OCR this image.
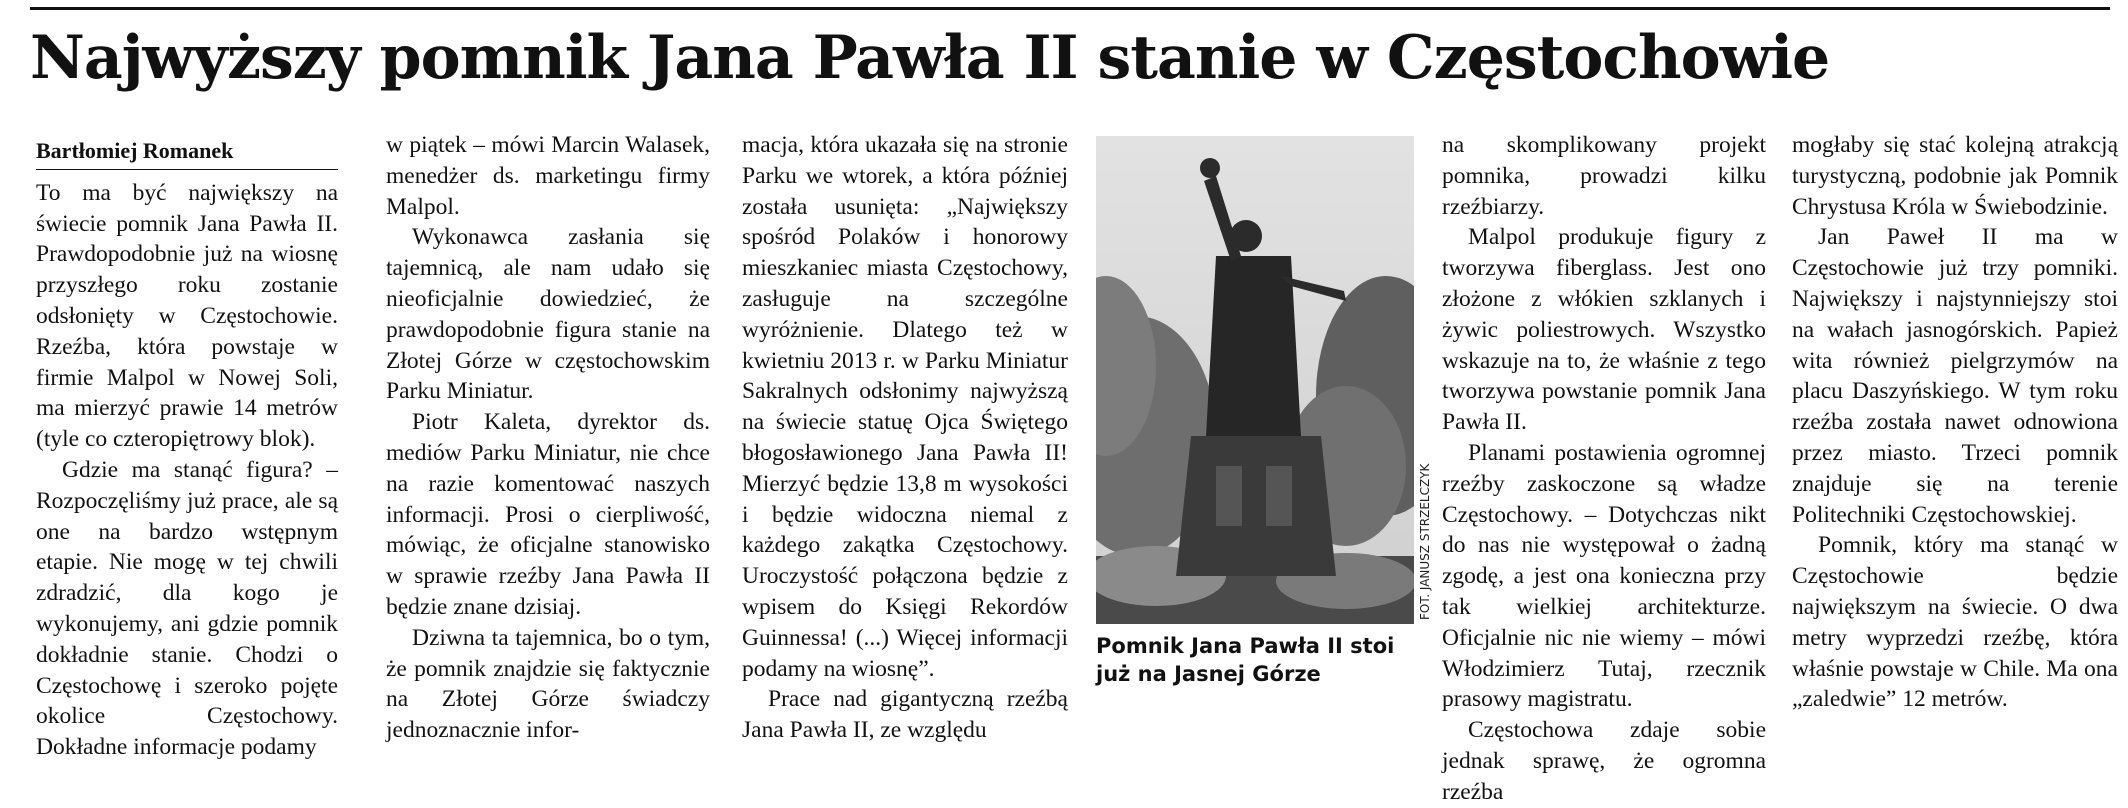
Najwyższy pomnik Jana Pawła II stanie w Częstochowie
Bartłomiej Romanek

To ma być największy na świecie pomnik Jana Pawła II. Prawdopodobnie już na wiosnę przyszłego roku zostanie odsłonięty w Częstochowie. Rzeźba, która powstaje w firmie Malpol w Nowej Soli, ma mierzyć prawie 14 metrów (tyle co czteropiętrowy blok).

Gdzie ma stanąć figura? – Rozpoczęliśmy już prace, ale są one na bardzo wstępnym etapie. Nie mogę w tej chwili zdradzić, dla kogo je wykonujemy, ani gdzie pomnik dokładnie stanie. Chodzi o Częstochowę i szeroko pojęte okolice Częstochowy. Dokładne informacje podamy

w piątek – mówi Marcin Walasek, menedżer ds. marketingu firmy Malpol.

Wykonawca zasłania się tajemnicą, ale nam udało się nieoficjalnie dowiedzieć, że prawdopodobnie figura stanie na Złotej Górze w częstochowskim Parku Miniatur.

Piotr Kaleta, dyrektor ds. mediów Parku Miniatur, nie chce na razie komentować naszych informacji. Prosi o cierpliwość, mówiąc, że oficjalne stanowisko w sprawie rzeźby Jana Pawła II będzie znane dzisiaj.

Dziwna ta tajemnica, bo o tym, że pomnik znajdzie się faktycznie na Złotej Górze świadczy jednoznacznie infor-

macja, która ukazała się na stronie Parku we wtorek, a która później została usunięta: „Największy spośród Polaków i honorowy mieszkaniec miasta Częstochowy, zasługuje na szczególne wyróżnienie. Dlatego też w kwietniu 2013 r. w Parku Miniatur Sakralnych odsłonimy najwyższą na świecie statuę Ojca Świętego błogosławionego Jana Pawła II! Mierzyć będzie 13,8 m wysokości i będzie widoczna niemal z każdego zakątka Częstochowy. Uroczystość połączona będzie z wpisem do Księgi Rekordów Guinnessa! (...) Więcej informacji podamy na wiosnę”.

Prace nad gigantyczną rzeźbą Jana Pawła II, ze względu

FOT. JANUSZ STRZELCZYK
Pomnik Jana Pawła II stoi już na Jasnej Górze

na skomplikowany projekt pomnika, prowadzi kilku rzeźbiarzy.

Malpol produkuje figury z tworzywa fiberglass. Jest ono złożone z włókien szklanych i żywic poliestrowych. Wszystko wskazuje na to, że właśnie z tego tworzywa powstanie pomnik Jana Pawła II.

Planami postawienia ogromnej rzeźby zaskoczone są władze Częstochowy. – Dotychczas nikt do nas nie występował o żadną zgodę, a jest ona konieczna przy tak wielkiej architekturze. Oficjalnie nic nie wiemy – mówi Włodzimierz Tutaj, rzecznik prasowy magistratu.

Częstochowa zdaje sobie jednak sprawę, że ogromna rzeźba

mogłaby się stać kolejną atrakcją turystyczną, podobnie jak Pomnik Chrystusa Króla w Świebodzinie.

Jan Paweł II ma w Częstochowie już trzy pomniki. Największy i najstynniejszy stoi na wałach jasnogórskich. Papież wita również pielgrzymów na placu Daszyńskiego. W tym roku rzeźba została nawet odnowiona przez miasto. Trzeci pomnik znajduje się na terenie Politechniki Częstochowskiej.

Pomnik, który ma stanąć w Częstochowie będzie największym na świecie. O dwa metry wyprzedzi rzeźbę, która właśnie powstaje w Chile. Ma ona „zaledwie” 12 metrów.
